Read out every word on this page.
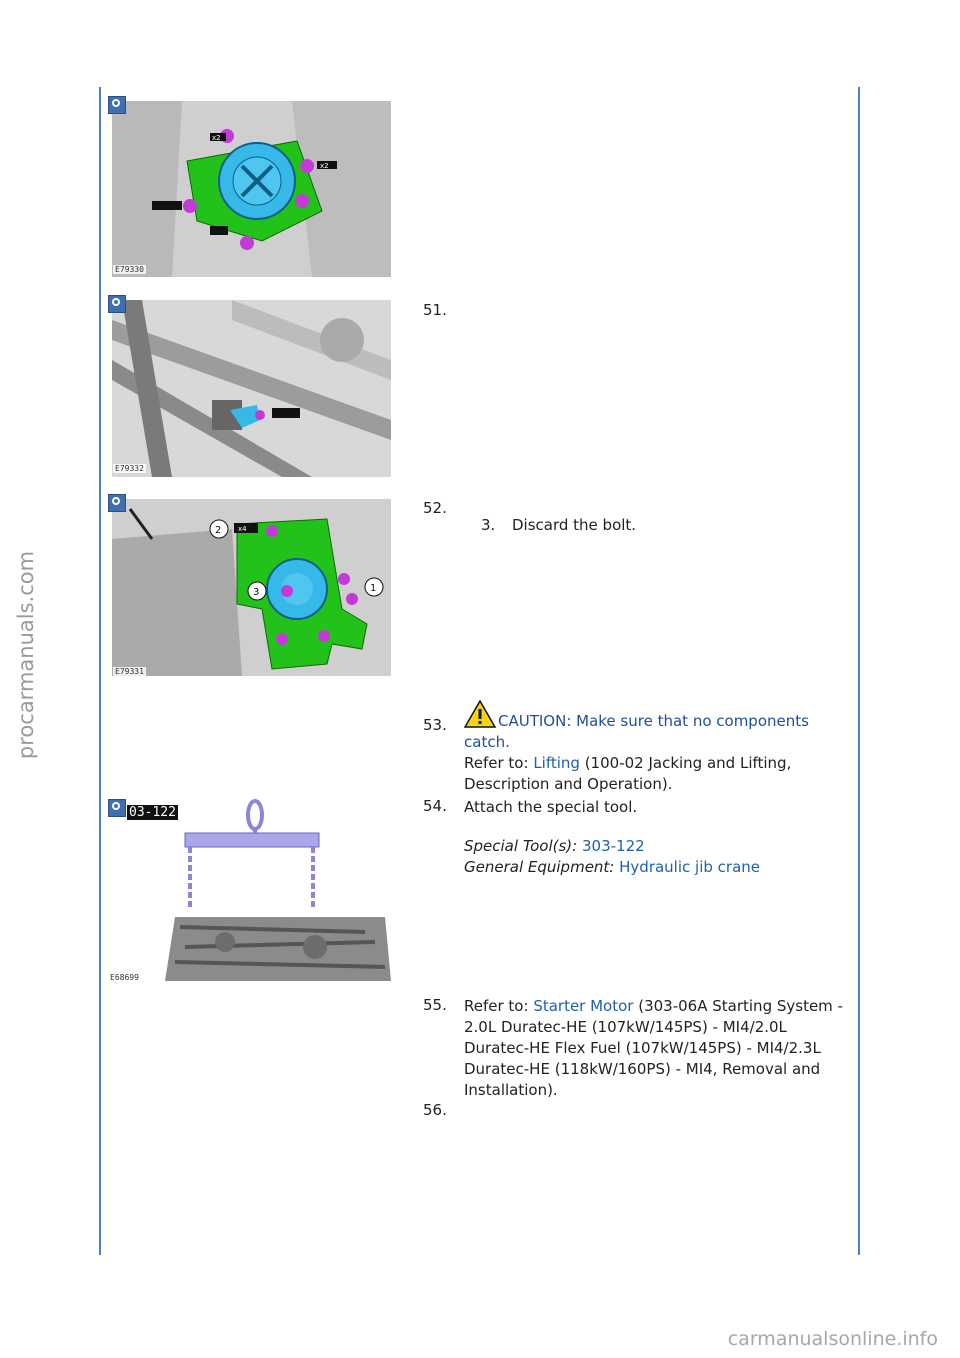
procarmanuals.com
x2
x2
E79330
E79332
x4
2
3	1
E79331
03-122
E68699
51.
52.
3. Discard the bolt.
53.	CAUTION: Make sure that no components catch.
Refer to: Lifting (100-02 Jacking and Lifting, Description and Operation).
54. Attach the special tool.
Special Tool(s): 303-122
General Equipment: Hydraulic jib crane
55. Refer to: Starter Motor (303-06A Starting System - 2.0L Duratec-HE (107kW/145PS) - MI4/2.0L Duratec-HE Flex Fuel (107kW/145PS) - MI4/2.3L Duratec-HE (118kW/160PS) - MI4, Removal and Installation).
56.
carmanualsonline.info
